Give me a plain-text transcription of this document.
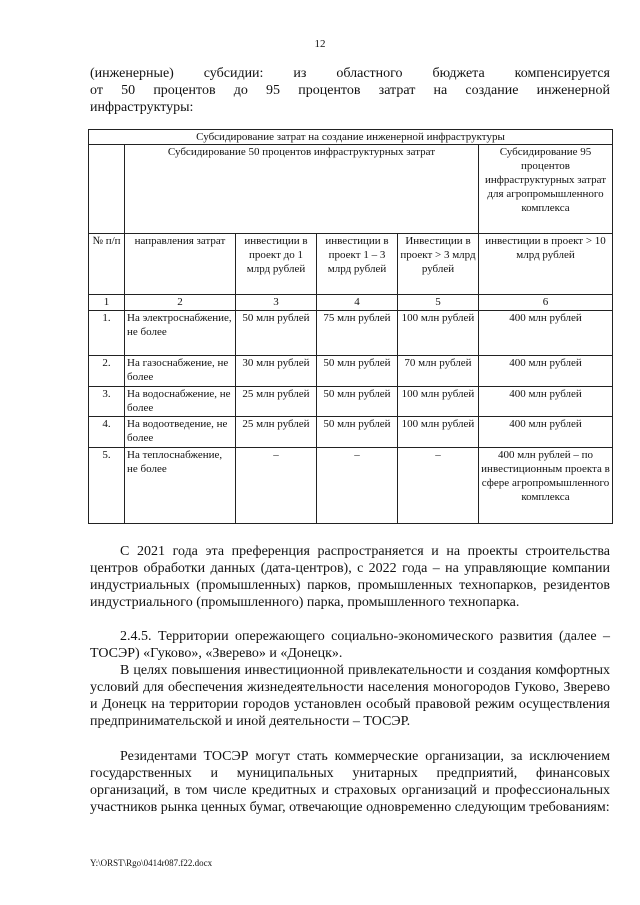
12
(инженерные) субсидии: из областного бюджета компенсируется
от 50 процентов до 95 процентов затрат на создание инженерной
инфраструктуры:
Субсидирование затрат на создание инженерной инфраструктуры					
	Субсидирование 50 процентов инфраструктурных затрат				Субсидирование 95 процентов инфраструктурных затрат для агропромышленного комплекса
№ п/п	направления затрат	инвестиции в проект до 1 млрд рублей	инвестиции в проект 1 – 3 млрд рублей	Инвестиции в проект > 3 млрд рублей	инвестиции в проект > 10 млрд рублей
1	2	3	4	5	6
1.	На электроснабжение, не более	50 млн рублей	75 млн рублей	100 млн рублей	400 млн рублей
2.	На газоснабжение, не более	30 млн рублей	50 млн рублей	70 млн рублей	400 млн рублей
3.	На водоснабжение, не более	25 млн рублей	50 млн рублей	100 млн рублей	400 млн рублей
4.	На водоотведение, не более	25 млн рублей	50 млн рублей	100 млн рублей	400 млн рублей
5.	На теплоснабжение, не более	–	–	–	400 млн рублей – по инвестиционным проекта в сфере агропромышленного комплекса
С 2021 года эта преференция распространяется и на проекты строительства центров обработки данных (дата-центров), с 2022 года – на управляющие компании индустриальных (промышленных) парков, промышленных технопарков, резидентов индустриального (промышленного) парка, промышленного технопарка.
2.4.5. Территории опережающего социально-экономического развития (далее – ТОСЭР) «Гуково», «Зверево» и «Донецк».
В целях повышения инвестиционной привлекательности и создания комфортных условий для обеспечения жизнедеятельности населения моногородов Гуково, Зверево и Донецк на территории городов установлен особый правовой режим осуществления предпринимательской и иной деятельности – ТОСЭР.
Резидентами ТОСЭР могут стать коммерческие организации, за исключением государственных и муниципальных унитарных предприятий, финансовых организаций, в том числе кредитных и страховых организаций и профессиональных участников рынка ценных бумаг, отвечающие одновременно следующим требованиям:
Y:\ORST\Rgo\0414r087.f22.docx
